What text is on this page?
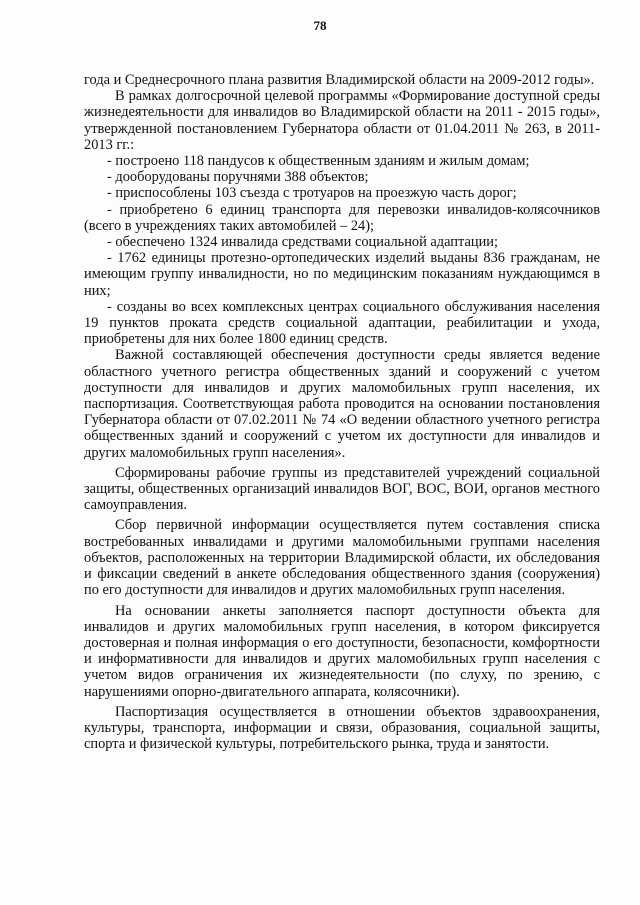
78

года и Среднесрочного плана развития Владимирской области на 2009-2012 годы».

В рамках долгосрочной целевой программы «Формирование доступной среды жизнедеятельности для инвалидов во Владимирской области на 2011 - 2015 годы», утвержденной постановлением Губернатора области от 01.04.2011 № 263, в 2011-2013 гг.:

- построено 118 пандусов к общественным зданиям и жилым домам;

- дооборудованы поручнями 388 объектов;

- приспособлены 103 съезда с тротуаров на проезжую часть дорог;

- приобретено 6 единиц транспорта для перевозки инвалидов-колясочников (всего в учреждениях таких автомобилей – 24);

- обеспечено 1324 инвалида средствами социальной адаптации;

- 1762 единицы протезно-ортопедических изделий выданы 836 гражданам, не имеющим группу инвалидности, но по медицинским показаниям нуждающимся в них;

- созданы во всех комплексных центрах социального обслуживания населения 19 пунктов проката средств социальной адаптации, реабилитации и ухода, приобретены для них более 1800 единиц средств.

Важной составляющей обеспечения доступности среды является ведение областного учетного регистра общественных зданий и сооружений с учетом доступности для инвалидов и других маломобильных групп населения, их паспортизация. Соответствующая работа проводится на основании постановления Губернатора области от 07.02.2011 № 74 «О ведении областного учетного регистра общественных зданий и сооружений с учетом их доступности для инвалидов и других маломобильных групп населения».

Сформированы рабочие группы из представителей учреждений социальной защиты, общественных организаций инвалидов ВОГ, ВОС, ВОИ, органов местного самоуправления.

Сбор первичной информации осуществляется путем составления списка востребованных инвалидами и другими маломобильными группами населения объектов, расположенных на территории Владимирской области, их обследования и фиксации сведений в анкете обследования общественного здания (сооружения) по его доступности для инвалидов и других маломобильных групп населения.

На основании анкеты заполняется паспорт доступности объекта для инвалидов и других маломобильных групп населения, в котором фиксируется достоверная и полная информация о его доступности, безопасности, комфортности и информативности для инвалидов и других маломобильных групп населения с учетом видов ограничения их жизнедеятельности (по слуху, по зрению, с нарушениями опорно-двигательного аппарата, колясочники).

Паспортизация осуществляется в отношении объектов здравоохранения, культуры, транспорта, информации и связи, образования, социальной защиты, спорта и физической культуры, потребительского рынка, труда и занятости.
